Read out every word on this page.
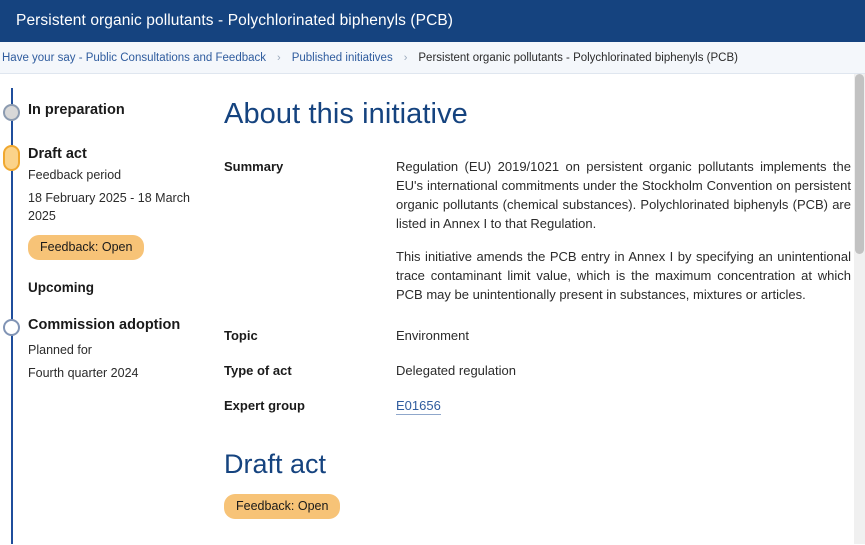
Persistent organic pollutants - Polychlorinated biphenyls (PCB)
Have your say - Public Consultations and Feedback › Published initiatives › Persistent organic pollutants - Polychlorinated biphenyls (PCB)
In preparation
Draft act
Feedback period
18 February 2025 - 18 March 2025
Feedback: Open
Upcoming
Commission adoption
Planned for
Fourth quarter 2024
About this initiative
Summary	Regulation (EU) 2019/1021 on persistent organic pollutants implements the EU's international commitments under the Stockholm Convention on persistent organic pollutants (chemical substances). Polychlorinated biphenyls (PCB) are listed in Annex I to that Regulation.

This initiative amends the PCB entry in Annex I by specifying an unintentional trace contaminant limit value, which is the maximum concentration at which PCB may be unintentionally present in substances, mixtures or articles.

Topic	Environment
Type of act	Delegated regulation
Expert group	E01656
Draft act
Feedback: Open
